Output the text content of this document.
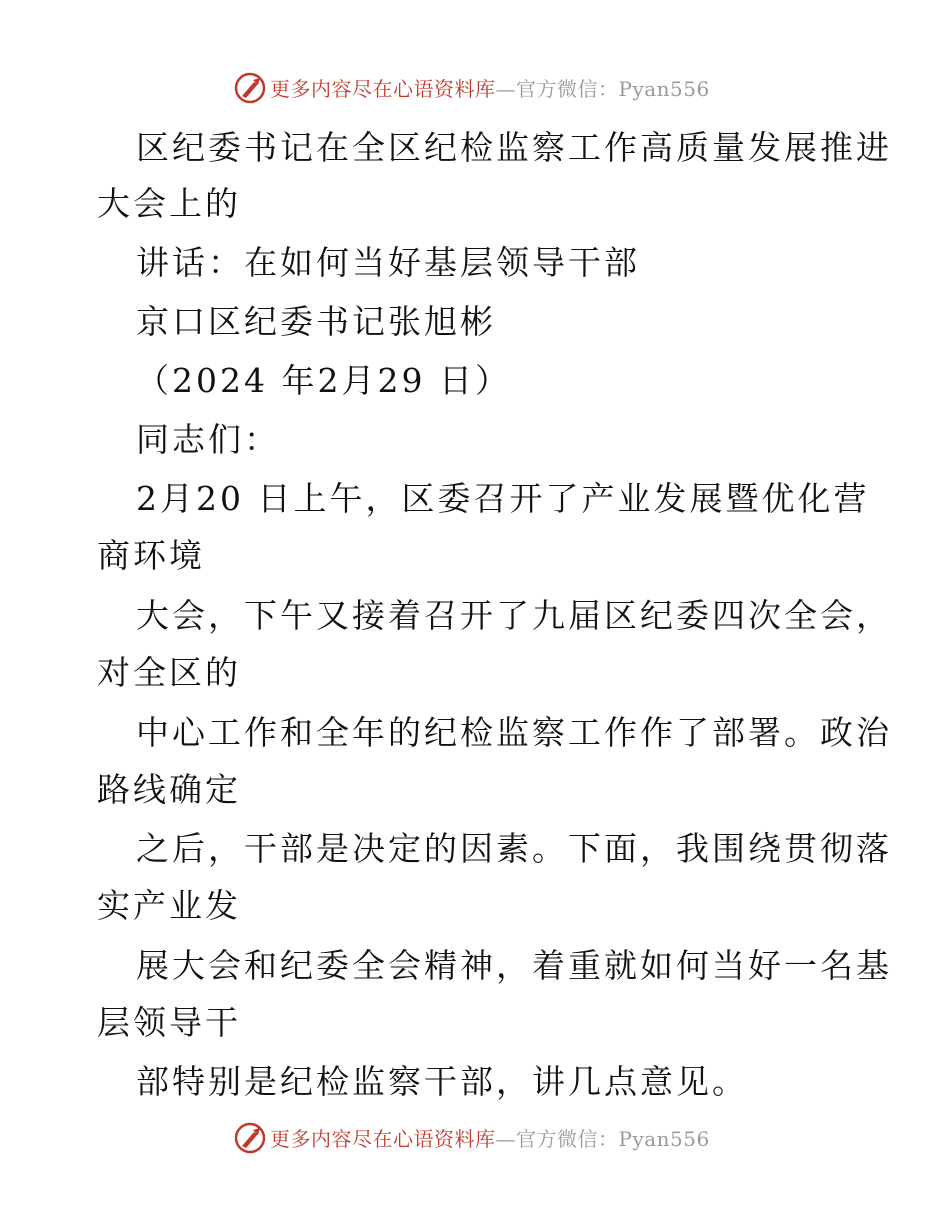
更多内容尽在心语资料库—官方微信：Pyan556
区纪委书记在全区纪检监察工作高质量发展推进
大会上的
讲话：在如何当好基层领导干部
京口区纪委书记张旭彬
（2024 年2月29 日）
同志们：
2月20 日上午，区委召开了产业发展暨优化营
商环境
大会，下午又接着召开了九届区纪委四次全会，
对全区的
中心工作和全年的纪检监察工作作了部署。政治
路线确定
之后，干部是决定的因素。下面，我围绕贯彻落
实产业发
展大会和纪委全会精神，着重就如何当好一名基
层领导干
部特别是纪检监察干部，讲几点意见。
更多内容尽在心语资料库—官方微信：Pyan556
